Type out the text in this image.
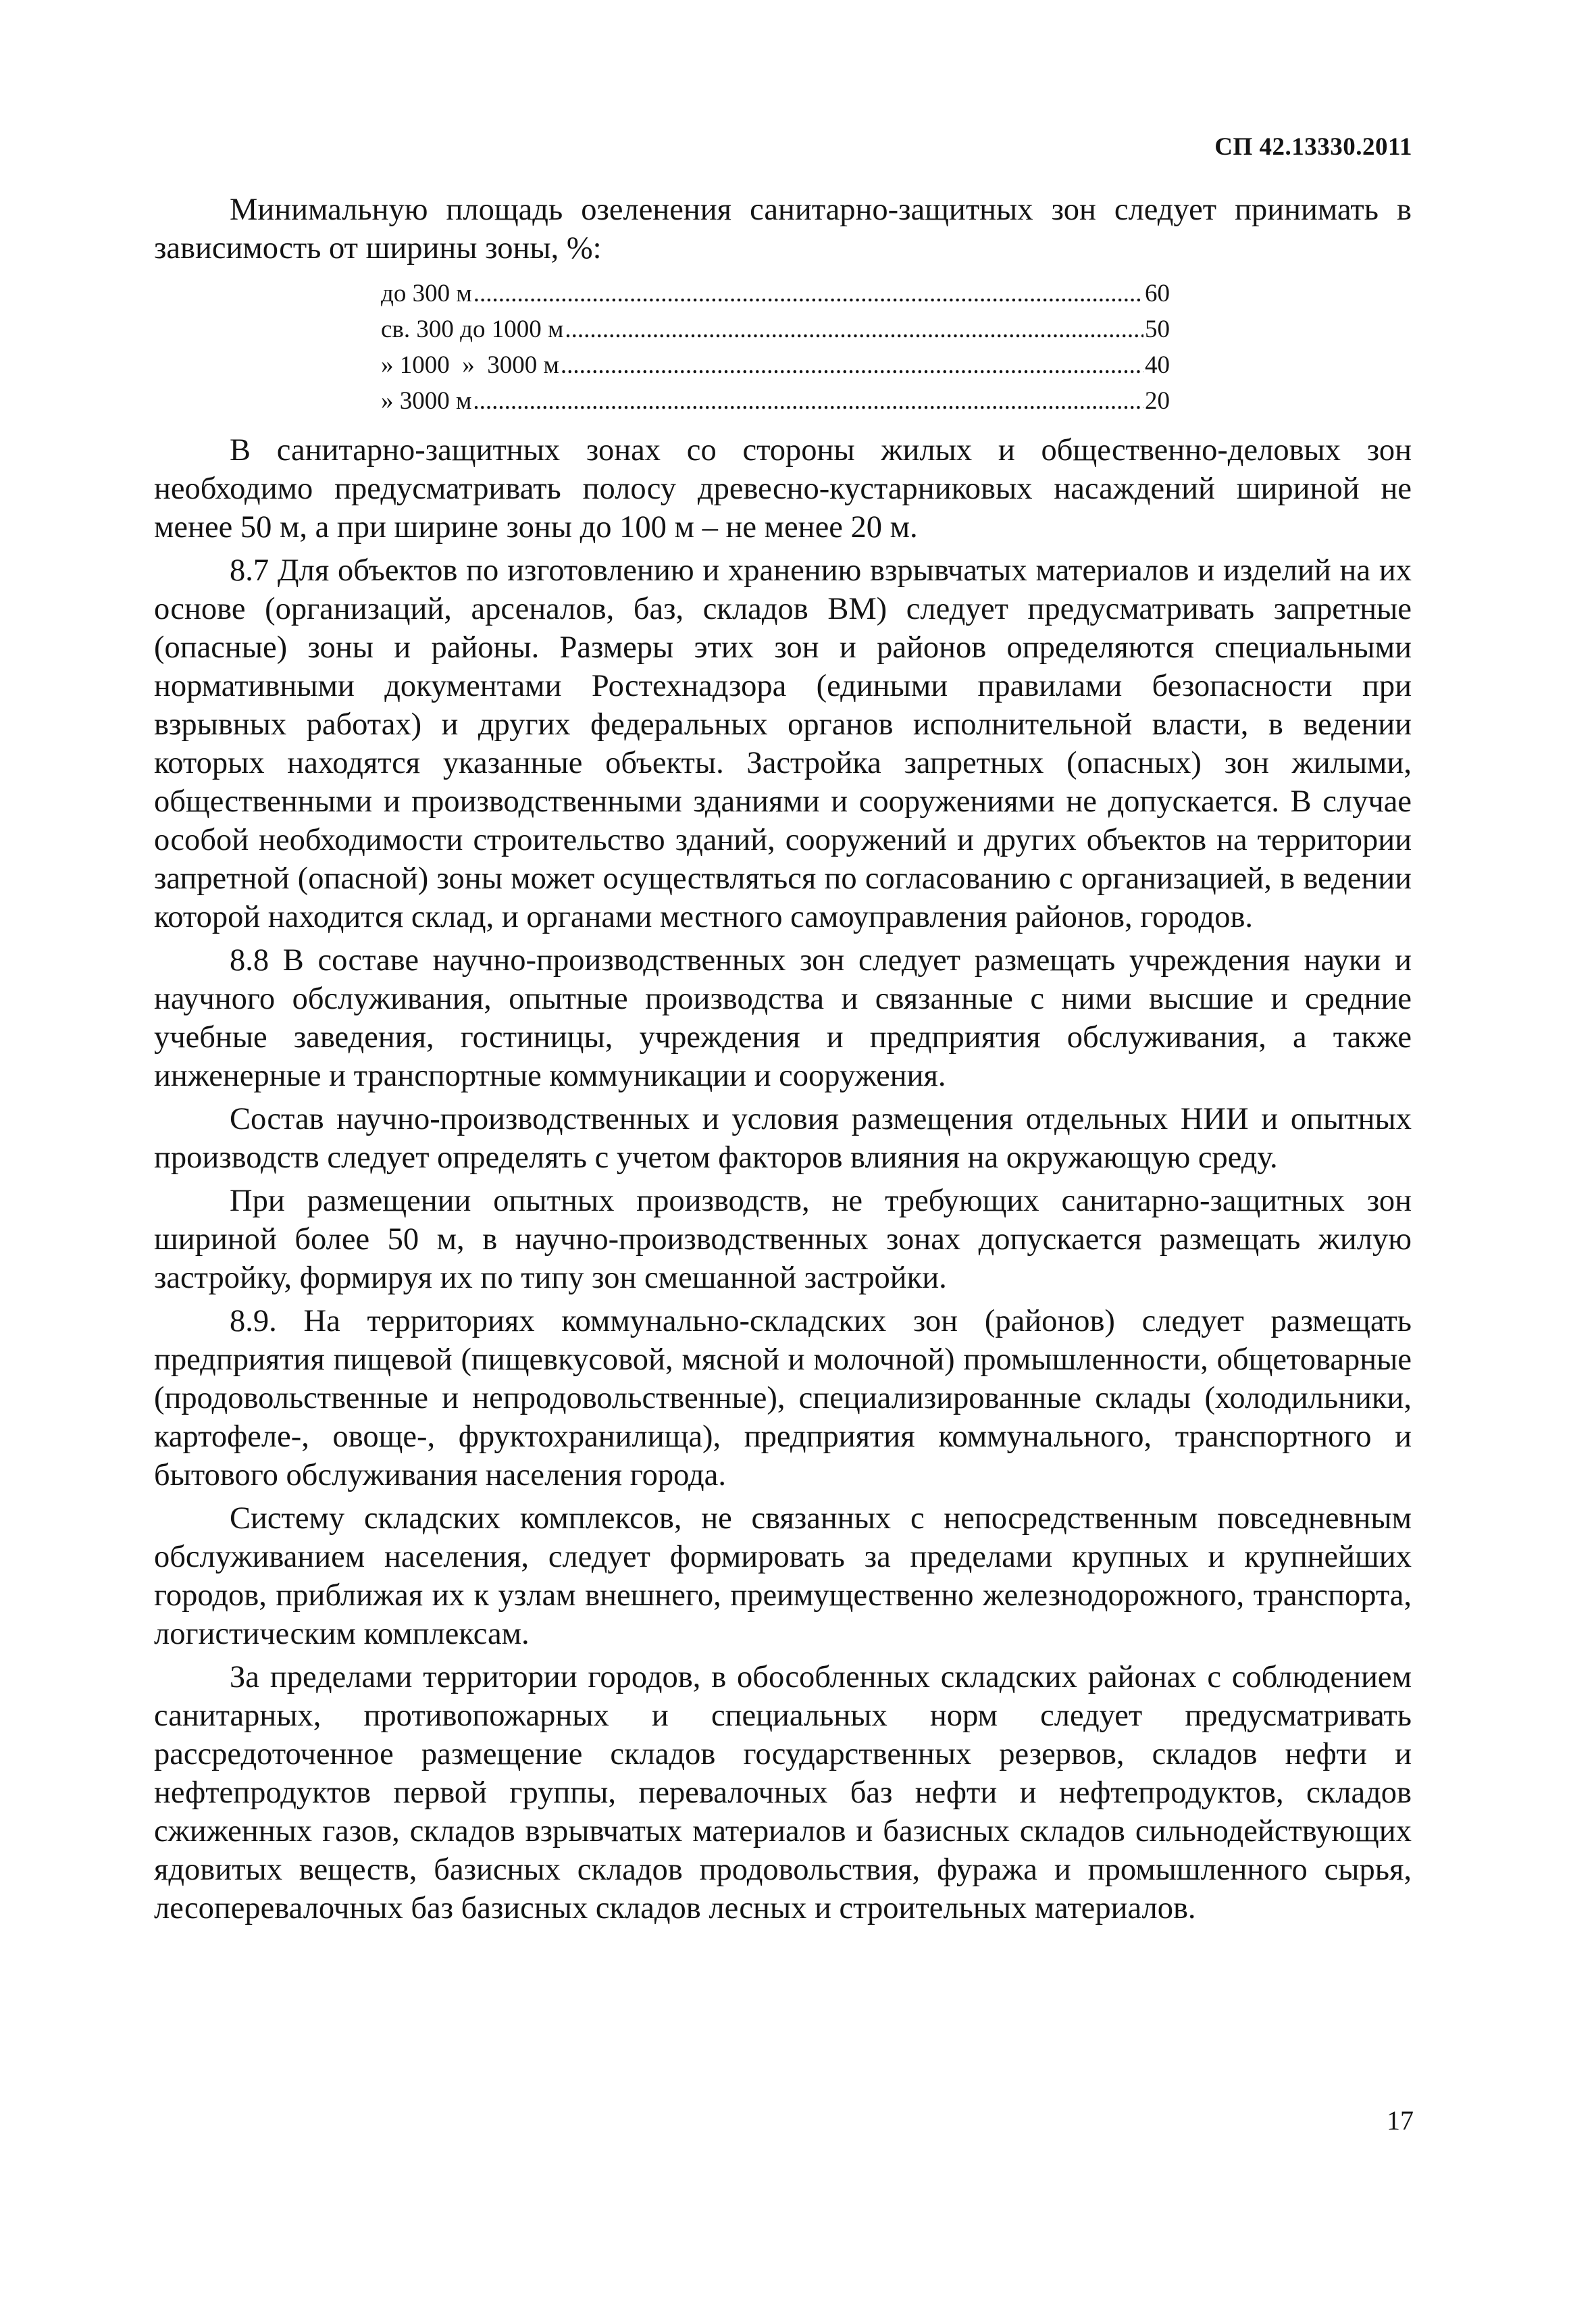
СП 42.13330.2011

Минимальную площадь озеленения санитарно-защитных зон следует принимать в зависимость от ширины зоны, %:

до 300 м .....	60
св. 300 до 1000 м .....	50
» 1000  »  3000 м .....	40
» 3000 м .....	20

В санитарно-защитных зонах со стороны жилых и общественно-деловых зон необходимо предусматривать полосу древесно-кустарниковых насаждений шириной не менее 50 м, а при ширине зоны до 100 м – не менее 20 м.

8.7 Для объектов по изготовлению и хранению взрывчатых материалов и изделий на их основе (организаций, арсеналов, баз, складов ВМ) следует предусматривать запретные (опасные) зоны и районы. Размеры этих зон и районов определяются специальными нормативными документами Ростехнадзора (едиными правилами безопасности при взрывных работах) и других федеральных органов исполнительной власти, в ведении которых находятся указанные объекты. Застройка запретных (опасных) зон жилыми, общественными и производственными зданиями и сооружениями не допускается. В случае особой необходимости строительство зданий, сооружений и других объектов на территории запретной (опасной) зоны может осуществляться по согласованию с организацией, в ведении которой находится склад, и органами местного самоуправления районов, городов.

8.8 В составе научно-производственных зон следует размещать учреждения науки и научного обслуживания, опытные производства и связанные с ними высшие и средние учебные заведения, гостиницы, учреждения и предприятия обслуживания, а также инженерные и транспортные коммуникации и сооружения.

Состав научно-производственных и условия размещения отдельных НИИ и опытных производств следует определять с учетом факторов влияния на окружающую среду.

При размещении опытных производств, не требующих санитарно-защитных зон шириной более 50 м, в научно-производственных зонах допускается размещать жилую застройку, формируя их по типу зон смешанной застройки.

8.9. На территориях коммунально-складских зон (районов) следует размещать предприятия пищевой (пищевкусовой, мясной и молочной) промышленности, общетоварные (продовольственные и непродовольственные), специализированные склады (холодильники, картофеле-, овоще-, фруктохранилища), предприятия коммунального, транспортного и бытового обслуживания населения города.

Систему складских комплексов, не связанных с непосредственным повседневным обслуживанием населения, следует формировать за пределами крупных и крупнейших городов, приближая их к узлам внешнего, преимущественно железнодорожного, транспорта, логистическим комплексам.

За пределами территории городов, в обособленных складских районах с соблюдением санитарных, противопожарных и специальных норм следует предусматривать рассредоточенное размещение складов государственных резервов, складов нефти и нефтепродуктов первой группы, перевалочных баз нефти и нефтепродуктов, складов сжиженных газов, складов взрывчатых материалов и базисных складов сильнодействующих ядовитых веществ, базисных складов продовольствия, фуража и промышленного сырья, лесоперевалочных баз базисных складов лесных и строительных материалов.

17
